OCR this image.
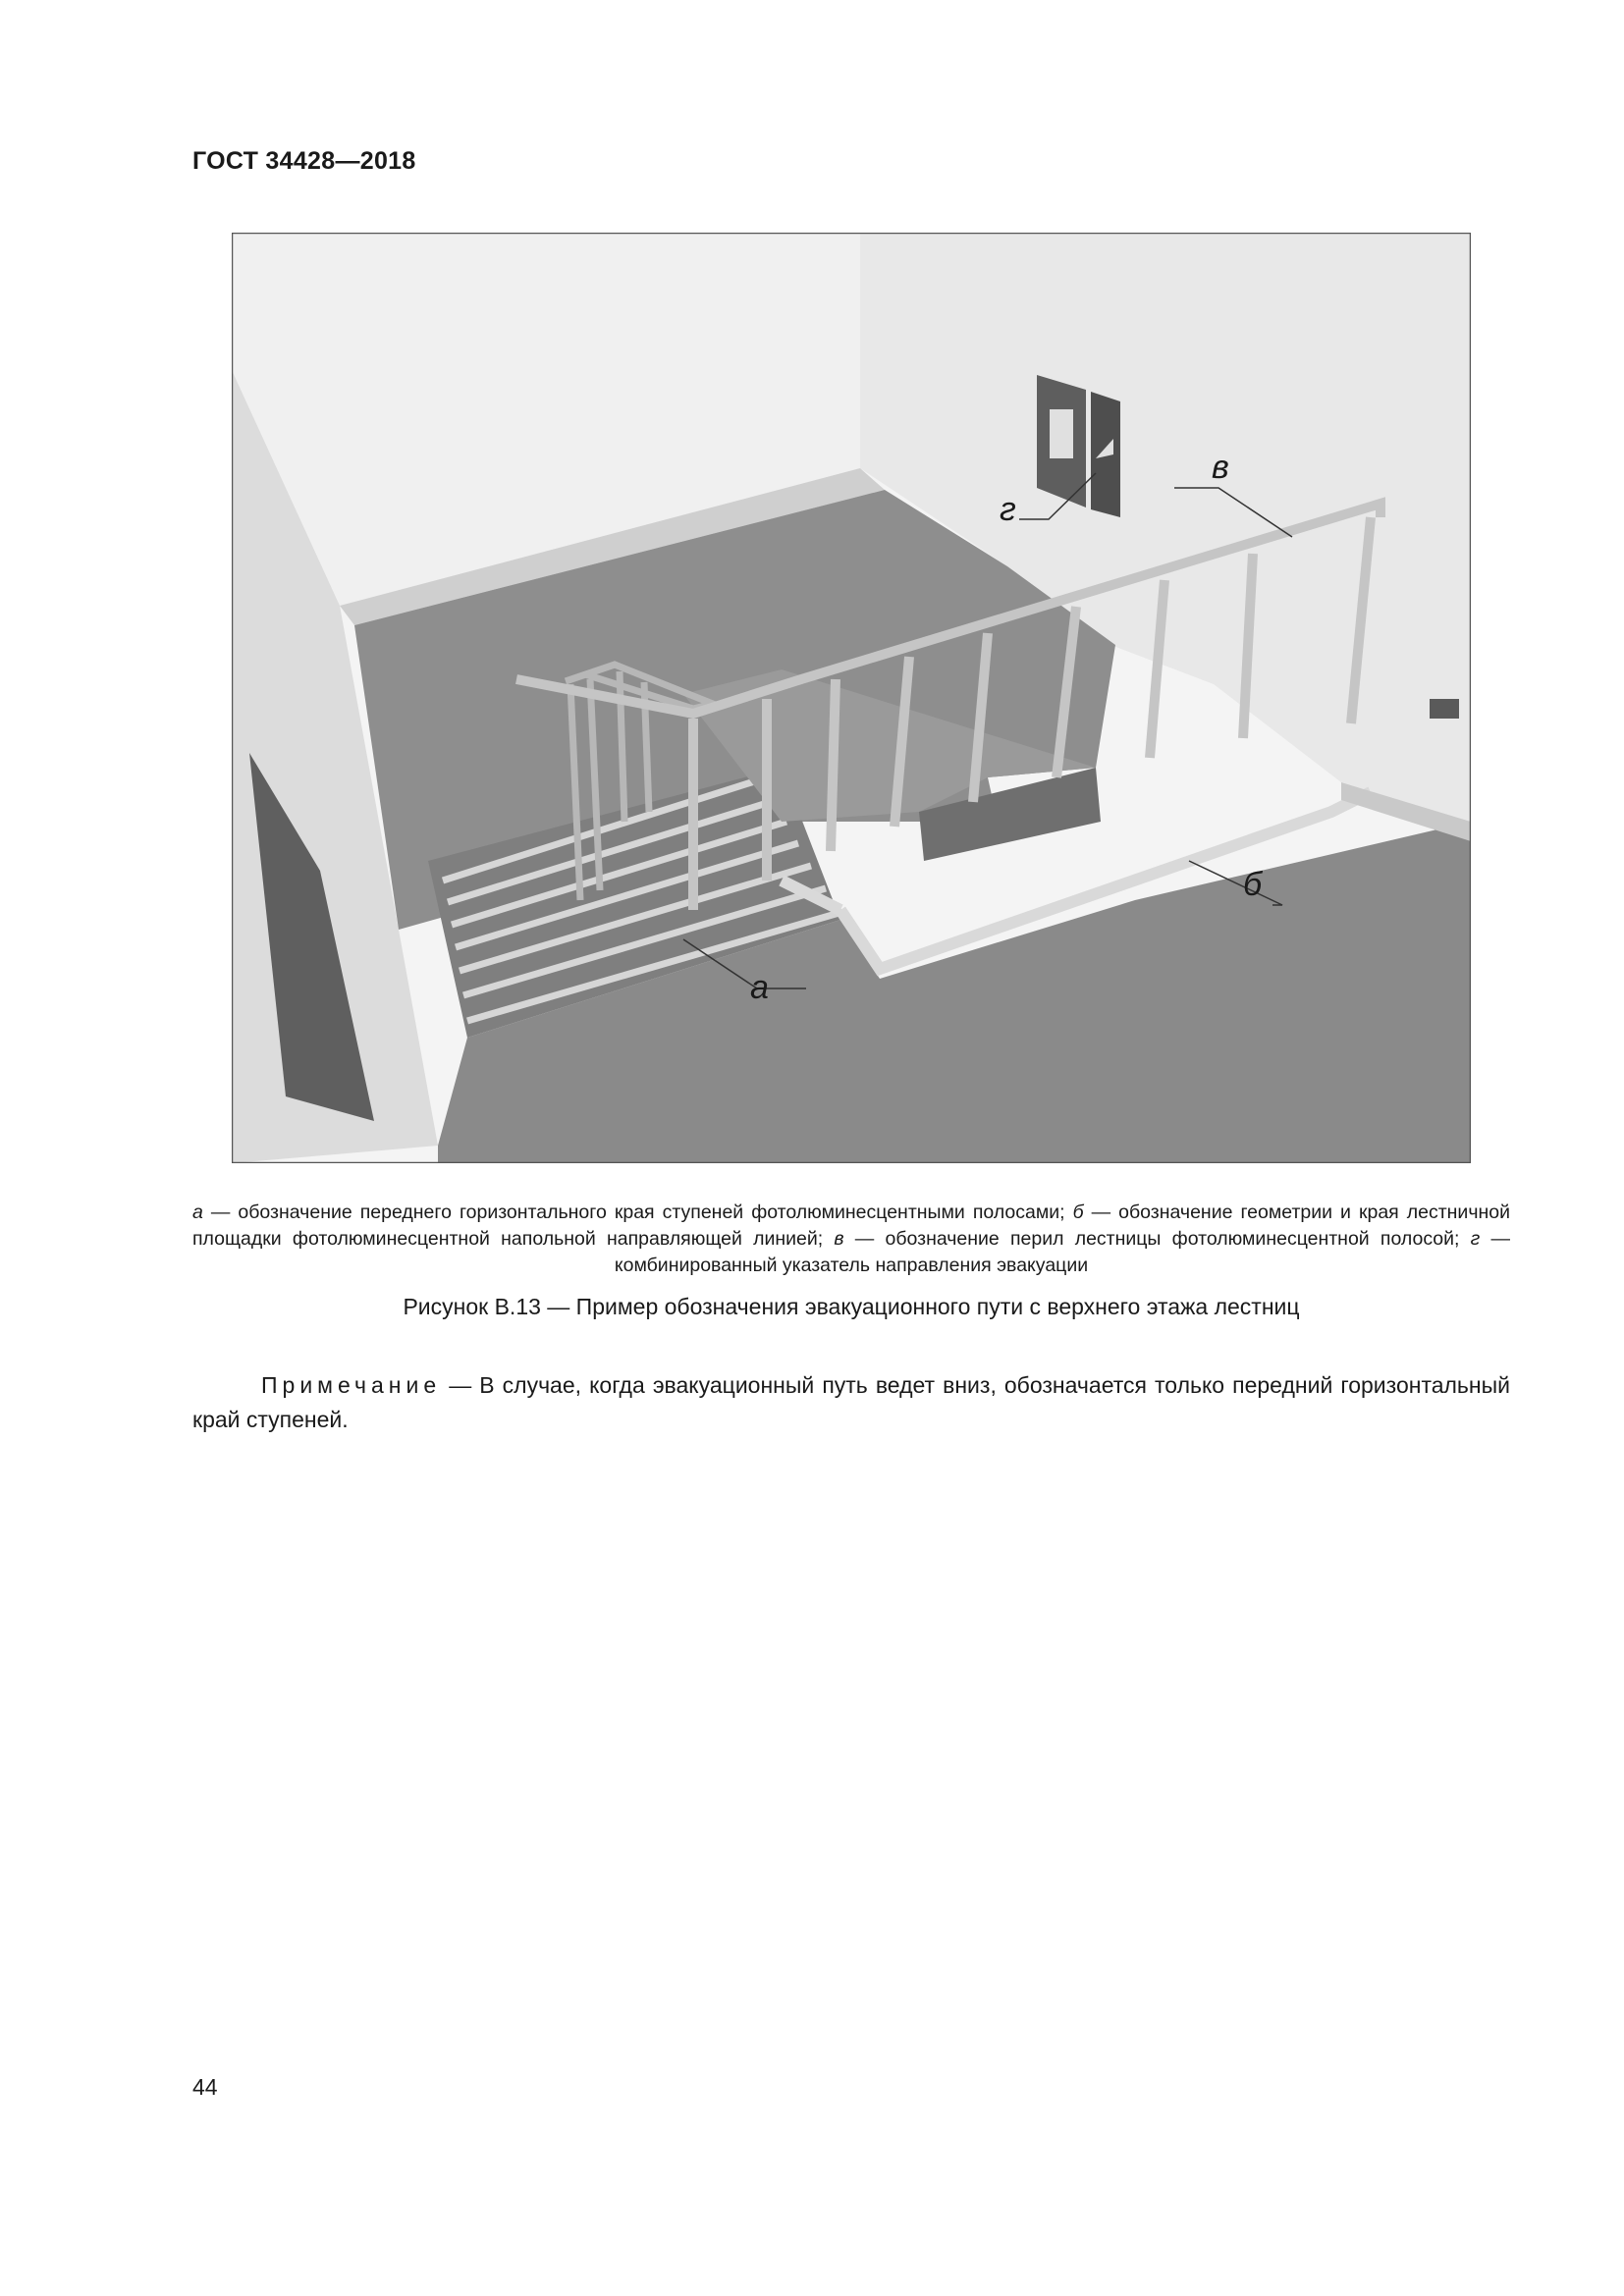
ГОСТ 34428—2018
а
б
в
г
а — обозначение переднего горизонтального края ступеней фотолюминесцентными полосами; б — обозначение геометрии и края лестничной площадки фотолюминесцентной напольной направляющей линией; в — обозначение перил лестницы фотолюминесцентной полосой; г — комбинированный указатель направления эвакуации
Рисунок В.13 — Пример обозначения эвакуационного пути с верхнего этажа лестниц

Примечание — В случае, когда эвакуационный путь ведет вниз, обозначается только передний горизонтальный край ступеней.

44
